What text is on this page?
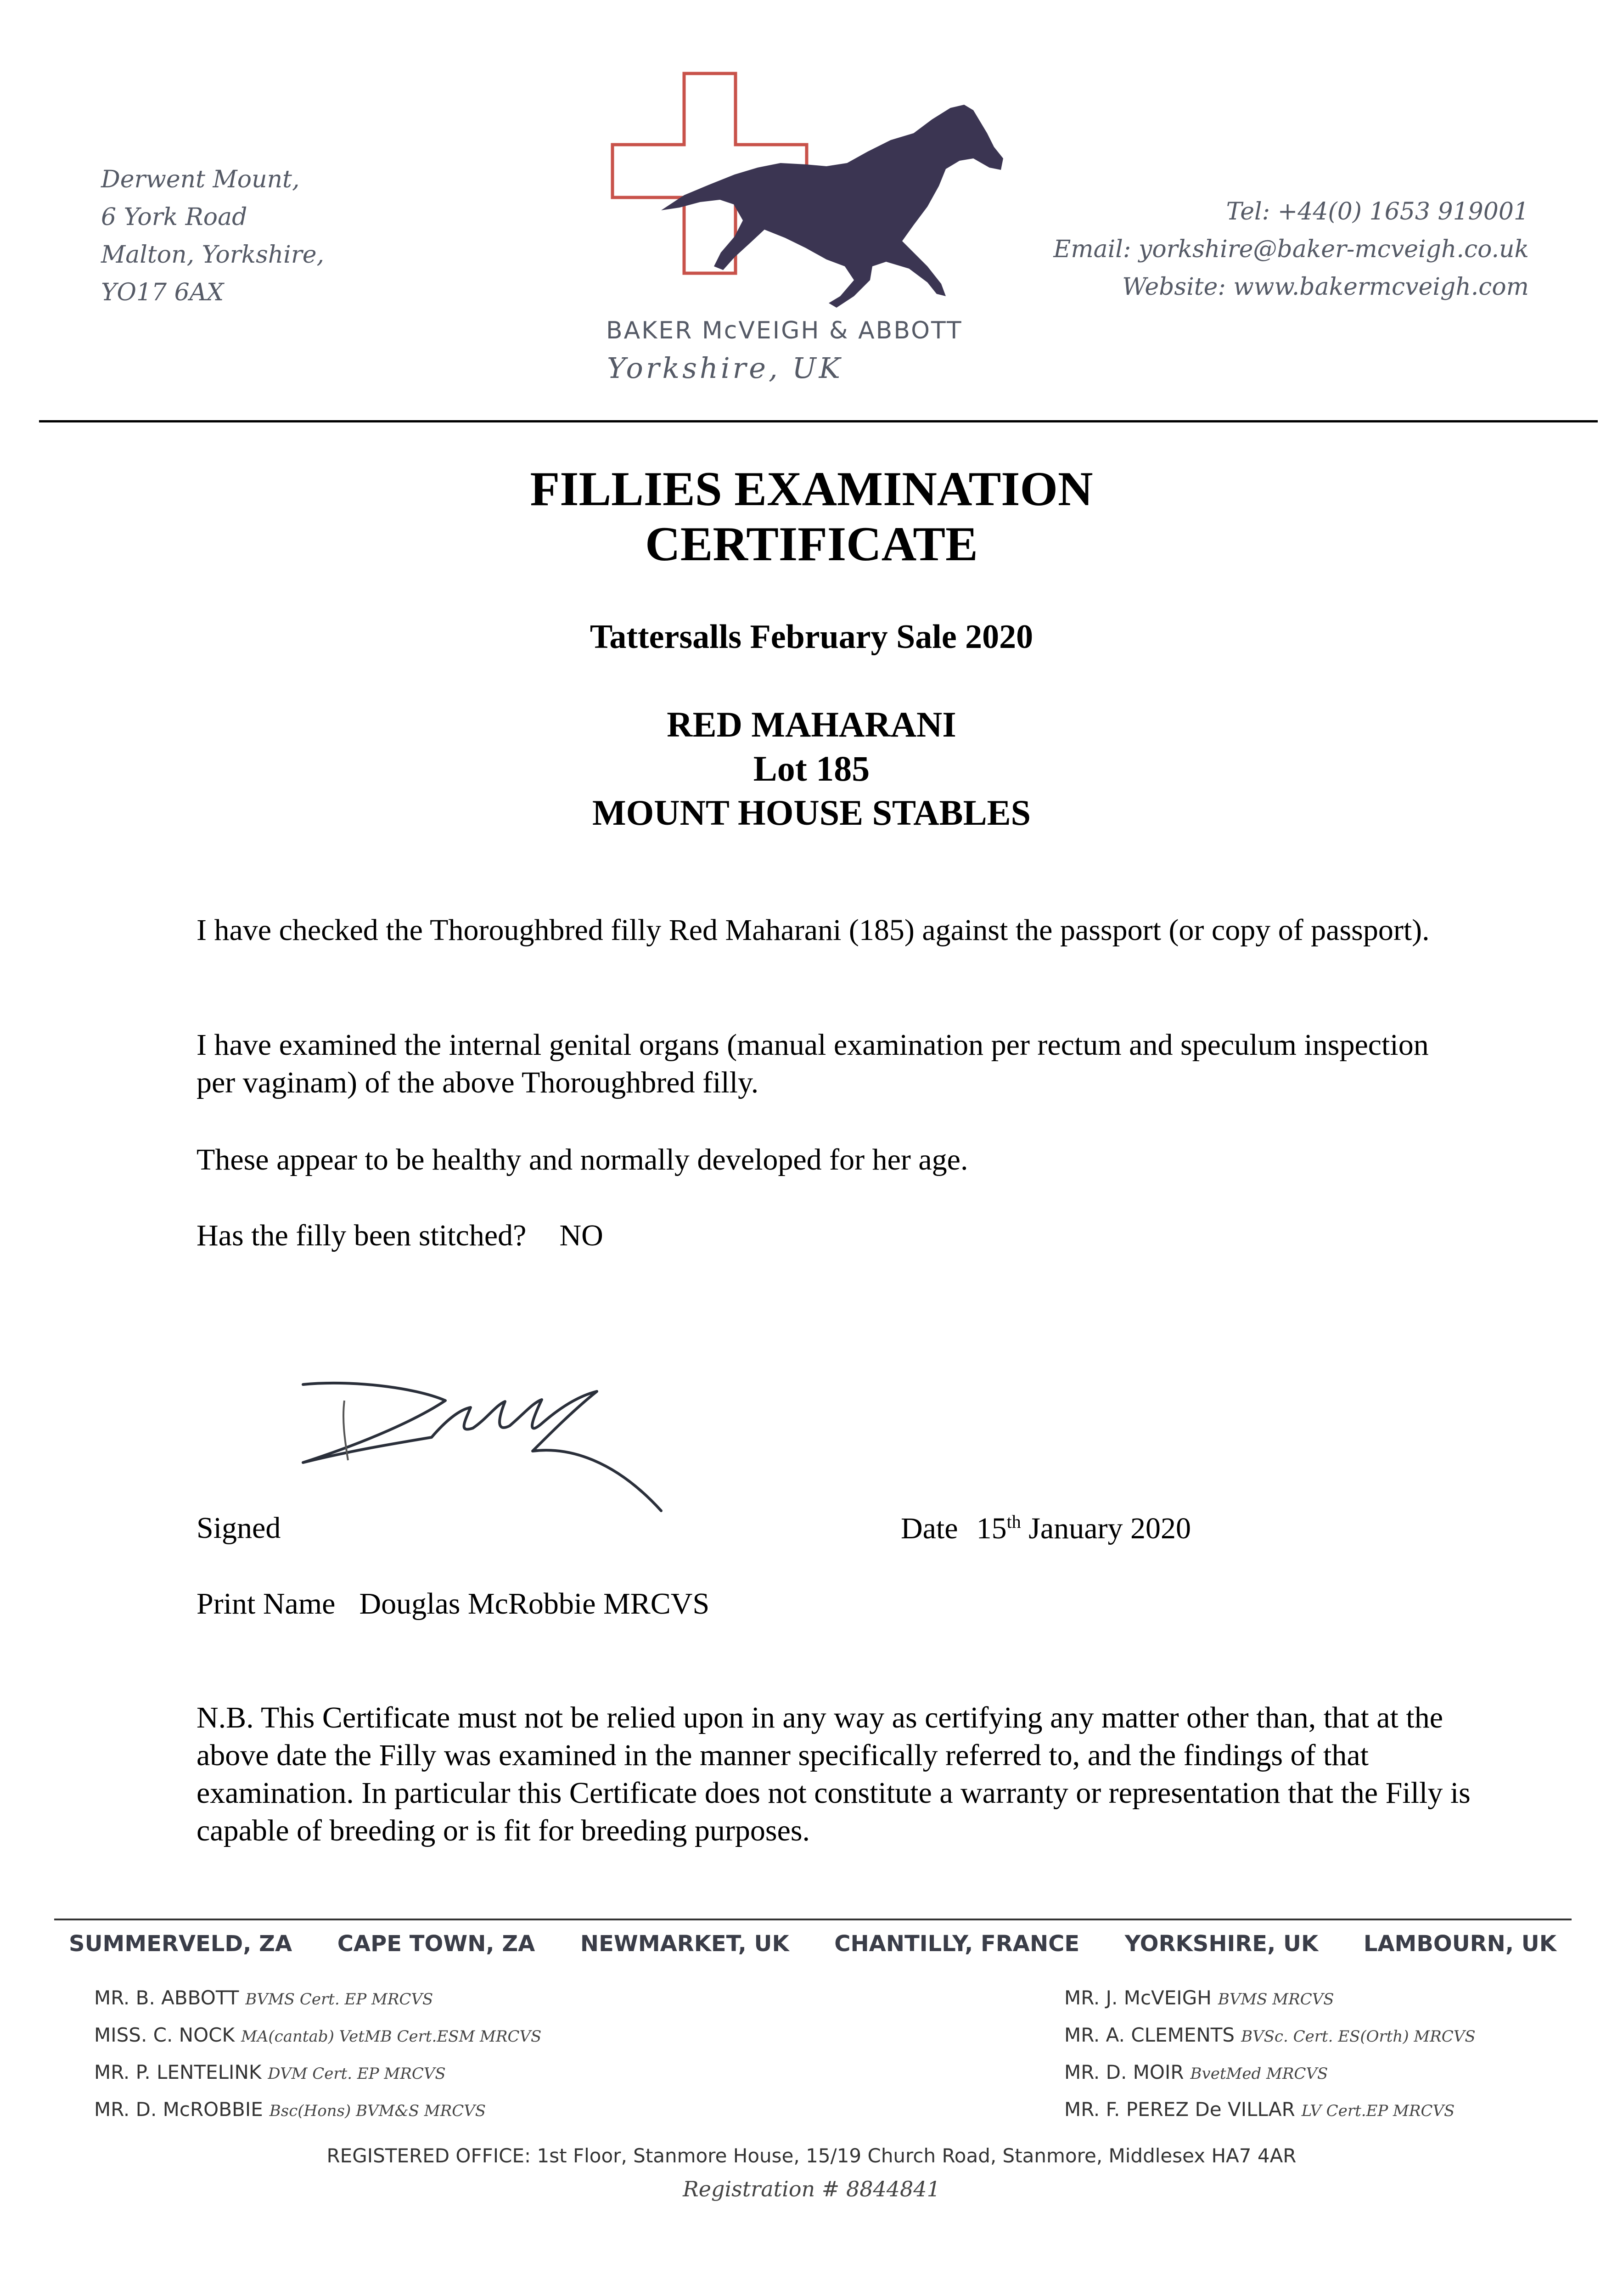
Derwent Mount,
6 York Road
Malton, Yorkshire,
YO17 6AX
BAKER McVEIGH & ABBOTT
Yorkshire, UK
Tel: +44(0) 1653 919001
Email: yorkshire@baker-mcveigh.co.uk
Website: www.bakermcveigh.com
FILLIES EXAMINATION
CERTIFICATE
Tattersalls February Sale 2020
RED MAHARANI
Lot 185
MOUNT HOUSE STABLES
I have checked the Thoroughbred filly Red Maharani (185) against the passport (or copy of passport).
I have examined the internal genital organs (manual examination per rectum and speculum inspection per vaginam) of the above Thoroughbred filly.
These appear to be healthy and normally developed for her age.
Has the filly been stitched? NO
Signed	Date 15th January 2020
Print Name Douglas McRobbie MRCVS
N.B. This Certificate must not be relied upon in any way as certifying any matter other than, that at the above date the Filly was examined in the manner specifically referred to, and the findings of that examination. In particular this Certificate does not constitute a warranty or representation that the Filly is capable of breeding or is fit for breeding purposes.
SUMMERVELD, ZA CAPE TOWN, ZA NEWMARKET, UK CHANTILLY, FRANCE YORKSHIRE, UK LAMBOURN, UK
MR. B. ABBOTT BVMS Cert. EP MRCVS
MISS. C. NOCK MA(cantab) VetMB Cert.ESM MRCVS
MR. P. LENTELINK DVM Cert. EP MRCVS
MR. D. McROBBIE Bsc(Hons) BVM&S MRCVS
MR. J. McVEIGH BVMS MRCVS
MR. A. CLEMENTS BVSc. Cert. ES(Orth) MRCVS
MR. D. MOIR BvetMed MRCVS
MR. F. PEREZ De VILLAR LV Cert.EP MRCVS
REGISTERED OFFICE: 1st Floor, Stanmore House, 15/19 Church Road, Stanmore, Middlesex HA7 4AR
Registration # 8844841
